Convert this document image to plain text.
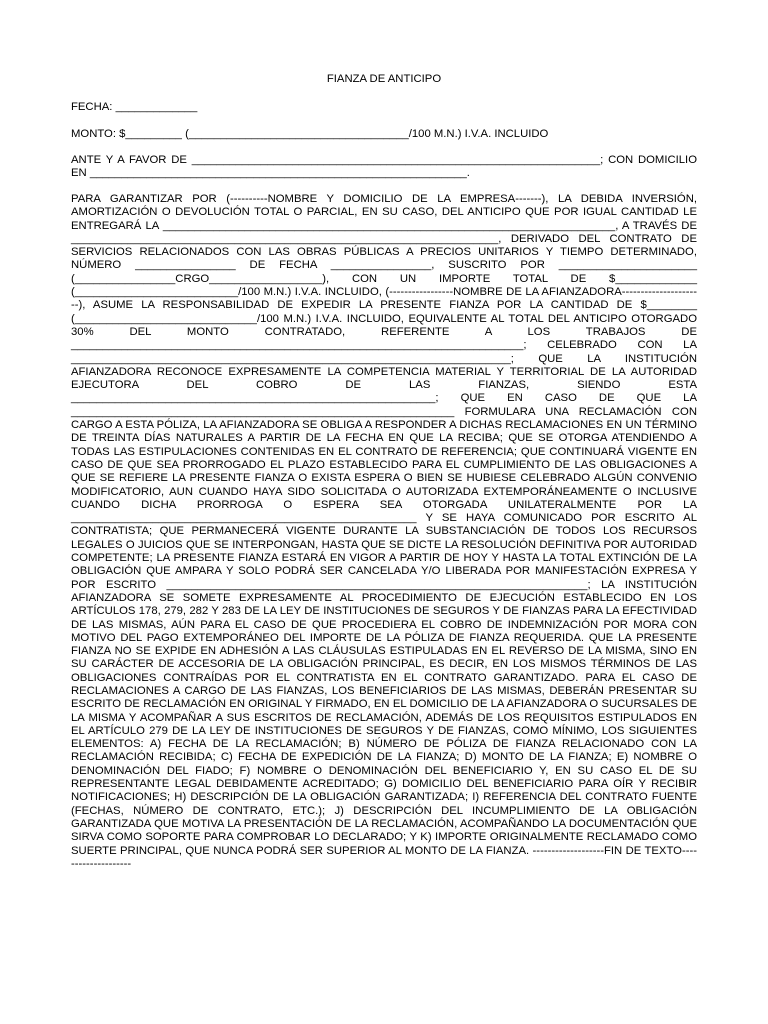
FIANZA DE ANTICIPO
FECHA: _____________
MONTO: $_________ (___________________________________/100 M.N.) I.V.A. INCLUIDO
ANTE Y A FAVOR DE _________________________________________________________________; CON DOMICILIO EN ____________________________________________________________.
PARA GARANTIZAR POR (----------NOMBRE Y DOMICILIO DE LA EMPRESA-------), LA DEBIDA INVERSIÓN, AMORTIZACIÓN O DEVOLUCIÓN TOTAL O PARCIAL, EN SU CASO, DEL ANTICIPO QUE POR IGUAL CANTIDAD LE ENTREGARÁ LA ________________________________________________________________________, A TRAVÉS DE ____________________________________________________________________, DERIVADO DEL CONTRATO DE SERVICIOS RELACIONADOS CON LAS OBRAS PÚBLICAS A PRECIOS UNITARIOS Y TIEMPO DETERMINADO, NÚMERO ________________ DE FECHA ________________, SUSCRITO POR ______________________ (________________CRGO__________________), CON UN IMPORTE TOTAL DE $_____________ (__________________________/100 M.N.) I.V.A. INCLUIDO, (-----------------NOMBRE DE LA AFIANZADORA----------------------), ASUME LA RESPONSABILIDAD DE EXPEDIR LA PRESENTE FIANZA POR LA CANTIDAD DE $________ (_____________________________/100 M.N.) I.V.A. INCLUIDO, EQUIVALENTE AL TOTAL DEL ANTICIPO OTORGADO 30% DEL MONTO CONTRATADO, REFERENTE A LOS TRABAJOS DE ________________________________________________________________________; CELEBRADO CON LA ______________________________________________________________________; QUE LA INSTITUCIÓN AFIANZADORA RECONOCE EXPRESAMENTE LA COMPETENCIA MATERIAL Y TERRITORIAL DE LA AUTORIDAD EJECUTORA DEL COBRO DE LAS FIANZAS, SIENDO ESTA __________________________________________________________; QUE EN CASO DE QUE LA _____________________________________________________________ FORMULARA UNA RECLAMACIÓN CON CARGO A ESTA PÓLIZA, LA AFIANZADORA SE OBLIGA A RESPONDER A DICHAS RECLAMACIONES EN UN TÉRMINO DE TREINTA DÍAS NATURALES A PARTIR DE LA FECHA EN QUE LA RECIBA; QUE SE OTORGA ATENDIENDO A TODAS LAS ESTIPULACIONES CONTENIDAS EN EL CONTRATO DE REFERENCIA; QUE CONTINUARÁ VIGENTE EN CASO DE QUE SEA PRORROGADO EL PLAZO ESTABLECIDO PARA EL CUMPLIMIENTO DE LAS OBLIGACIONES A QUE SE REFIERE LA PRESENTE FIANZA O EXISTA ESPERA O BIEN SE HUBIESE CELEBRADO ALGÚN CONVENIO MODIFICATORIO, AUN CUANDO HAYA SIDO SOLICITADA O AUTORIZADA EXTEMPORÁNEAMENTE O INCLUSIVE CUANDO DICHA PRORROGA O ESPERA SEA OTORGADA UNILATERALMENTE POR LA _______________________________________________________ Y SE HAYA COMUNICADO POR ESCRITO AL CONTRATISTA; QUE PERMANECERÁ VIGENTE DURANTE LA SUBSTANCIACIÓN DE TODOS LOS RECURSOS LEGALES O JUICIOS QUE SE INTERPONGAN, HASTA QUE SE DICTE LA RESOLUCIÓN DEFINITIVA POR AUTORIDAD COMPETENTE; LA PRESENTE FIANZA ESTARÁ EN VIGOR A PARTIR DE HOY Y HASTA LA TOTAL EXTINCIÓN DE LA OBLIGACIÓN QUE AMPARA Y SOLO PODRÁ SER CANCELADA Y/O LIBERADA POR MANIFESTACIÓN EXPRESA Y POR ESCRITO ___________________________________________________________________; LA INSTITUCIÓN AFIANZADORA SE SOMETE EXPRESAMENTE AL PROCEDIMIENTO DE EJECUCIÓN ESTABLECIDO EN LOS ARTÍCULOS 178, 279, 282 Y 283 DE LA LEY DE INSTITUCIONES DE SEGUROS Y DE FIANZAS PARA LA EFECTIVIDAD DE LAS MISMAS, AÚN PARA EL CASO DE QUE PROCEDIERA EL COBRO DE INDEMNIZACIÓN POR MORA CON MOTIVO DEL PAGO EXTEMPORÁNEO DEL IMPORTE DE LA PÓLIZA DE FIANZA REQUERIDA. QUE LA PRESENTE FIANZA NO SE EXPIDE EN ADHESIÓN A LAS CLÁUSULAS ESTIPULADAS EN EL REVERSO DE LA MISMA, SINO EN SU CARÁCTER DE ACCESORIA DE LA OBLIGACIÓN PRINCIPAL, ES DECIR, EN LOS MISMOS TÉRMINOS DE LAS OBLIGACIONES CONTRAÍDAS POR EL CONTRATISTA EN EL CONTRATO GARANTIZADO. PARA EL CASO DE RECLAMACIONES A CARGO DE LAS FIANZAS, LOS BENEFICIARIOS DE LAS MISMAS, DEBERÁN PRESENTAR SU ESCRITO DE RECLAMACIÓN EN ORIGINAL Y FIRMADO, EN EL DOMICILIO DE LA AFIANZADORA O SUCURSALES DE LA MISMA Y ACOMPAÑAR A SUS ESCRITOS DE RECLAMACIÓN, ADEMÁS DE LOS REQUISITOS ESTIPULADOS EN EL ARTÍCULO 279 DE LA LEY DE INSTITUCIONES DE SEGUROS Y DE FIANZAS, COMO MÍNIMO, LOS SIGUIENTES ELEMENTOS: A) FECHA DE LA RECLAMACIÓN; B) NÚMERO DE PÓLIZA DE FIANZA RELACIONADO CON LA RECLAMACIÓN RECIBIDA; C) FECHA DE EXPEDICIÓN DE LA FIANZA; D) MONTO DE LA FIANZA; E) NOMBRE O DENOMINACIÓN DEL FIADO; F) NOMBRE O DENOMINACIÓN DEL BENEFICIARIO Y, EN SU CASO EL DE SU REPRESENTANTE LEGAL DEBIDAMENTE ACREDITADO; G) DOMICILIO DEL BENEFICIARIO PARA OÍR Y RECIBIR NOTIFICACIONES; H) DESCRIPCIÓN DE LA OBLIGACIÓN GARANTIZADA; I) REFERENCIA DEL CONTRATO FUENTE (FECHAS, NÚMERO DE CONTRATO, ETC.); J) DESCRIPCIÓN DEL INCUMPLIMIENTO DE LA OBLIGACIÓN GARANTIZADA QUE MOTIVA LA PRESENTACIÓN DE LA RECLAMACIÓN, ACOMPAÑANDO LA DOCUMENTACIÓN QUE SIRVA COMO SOPORTE PARA COMPROBAR LO DECLARADO; Y K) IMPORTE ORIGINALMENTE RECLAMADO COMO SUERTE PRINCIPAL, QUE NUNCA PODRÁ SER SUPERIOR AL MONTO DE LA FIANZA. -------------------FIN DE TEXTO--------------------
